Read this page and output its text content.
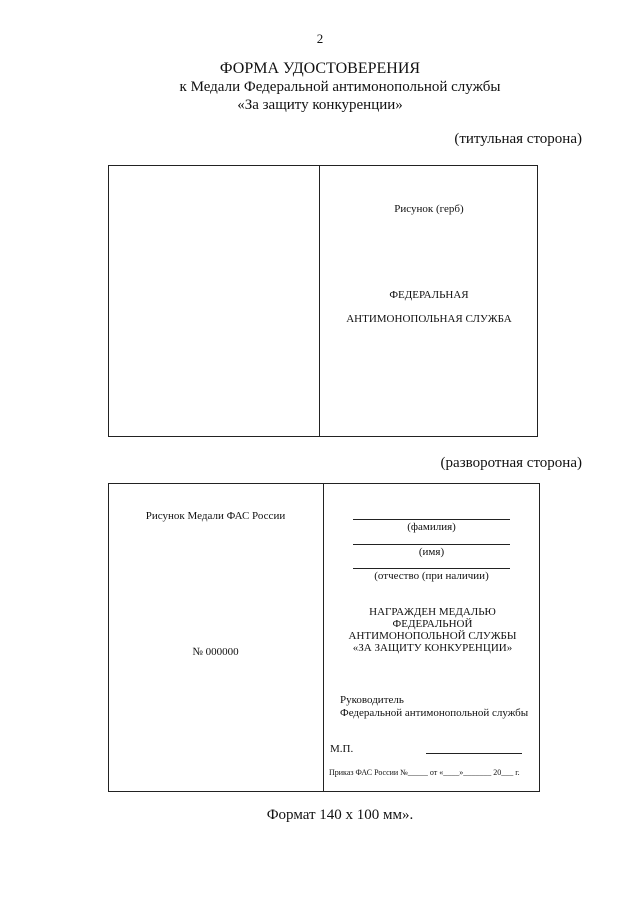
2
ФОРМА УДОСТОВЕРЕНИЯ
к Медали Федеральной антимонопольной службы
«За защиту конкуренции»
(титульная сторона)
Рисунок (герб)
ФЕДЕРАЛЬНАЯ
АНТИМОНОПОЛЬНАЯ СЛУЖБА
(разворотная сторона)
Рисунок Медали ФАС России
№ 000000
(фамилия)
(имя)
(отчество (при наличии)
НАГРАЖДЕН МЕДАЛЬЮ
ФЕДЕРАЛЬНОЙ
АНТИМОНОПОЛЬНОЙ СЛУЖБЫ
«ЗА ЗАЩИТУ КОНКУРЕНЦИИ»
Руководитель
Федеральной антимонопольной службы
М.П.
Приказ ФАС России №_____ от «____»_______ 20___ г.
Формат 140 x 100 мм».
